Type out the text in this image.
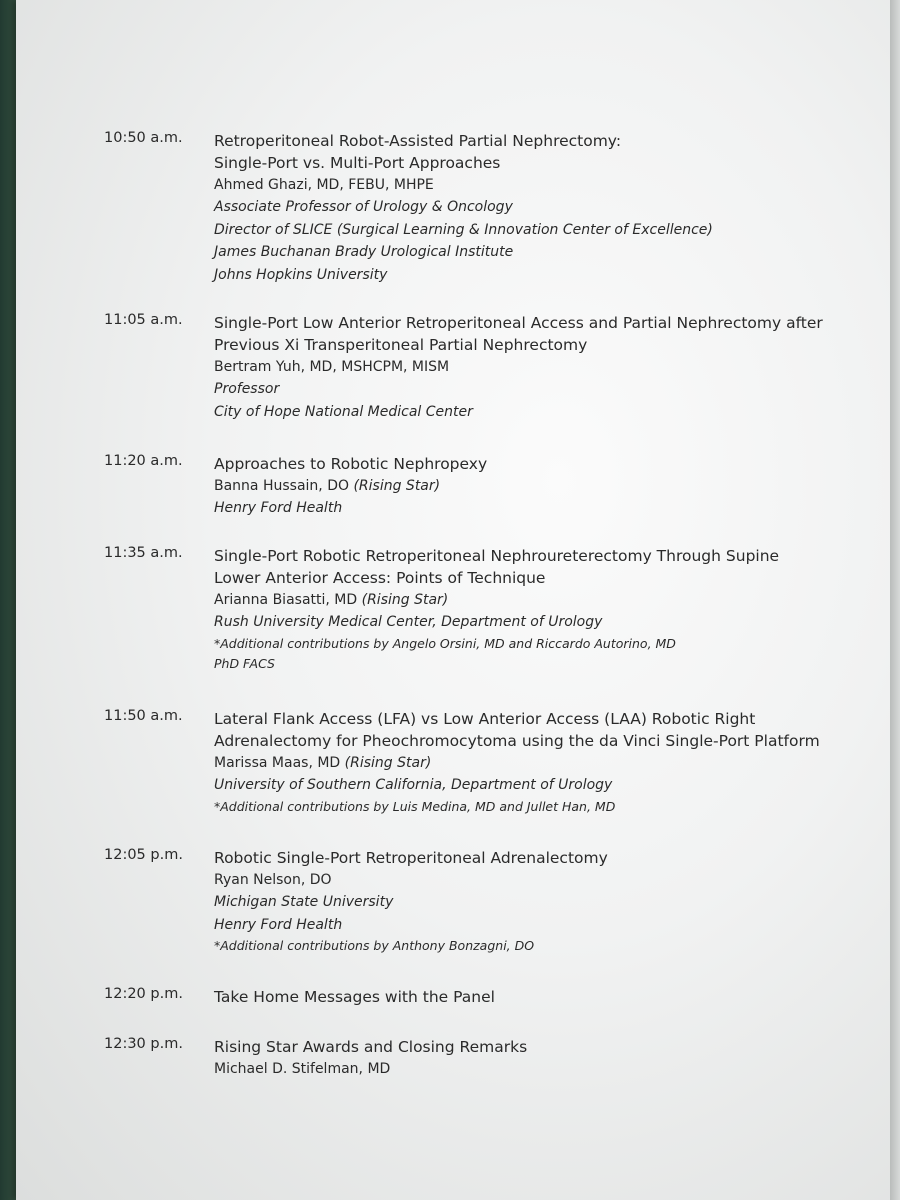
10:50 a.m. Retroperitoneal Robot-Assisted Partial Nephrectomy:
Single-Port vs. Multi-Port Approaches
Ahmed Ghazi, MD, FEBU, MHPE
Associate Professor of Urology & Oncology
Director of SLICE (Surgical Learning & Innovation Center of Excellence)
James Buchanan Brady Urological Institute
Johns Hopkins University
11:05 a.m. Single-Port Low Anterior Retroperitoneal Access and Partial Nephrectomy after
Previous Xi Transperitoneal Partial Nephrectomy
Bertram Yuh, MD, MSHCPM, MISM
Professor
City of Hope National Medical Center
11:20 a.m. Approaches to Robotic Nephropexy
Banna Hussain, DO (Rising Star)
Henry Ford Health
11:35 a.m. Single-Port Robotic Retroperitoneal Nephroureterectomy Through Supine
Lower Anterior Access: Points of Technique
Arianna Biasatti, MD (Rising Star)
Rush University Medical Center, Department of Urology
*Additional contributions by Angelo Orsini, MD and Riccardo Autorino, MD
PhD FACS
11:50 a.m. Lateral Flank Access (LFA) vs Low Anterior Access (LAA) Robotic Right
Adrenalectomy for Pheochromocytoma using the da Vinci Single-Port Platform
Marissa Maas, MD (Rising Star)
University of Southern California, Department of Urology
*Additional contributions by Luis Medina, MD and Jullet Han, MD
12:05 p.m. Robotic Single-Port Retroperitoneal Adrenalectomy
Ryan Nelson, DO
Michigan State University
Henry Ford Health
*Additional contributions by Anthony Bonzagni, DO
12:20 p.m. Take Home Messages with the Panel
12:30 p.m. Rising Star Awards and Closing Remarks
Michael D. Stifelman, MD
